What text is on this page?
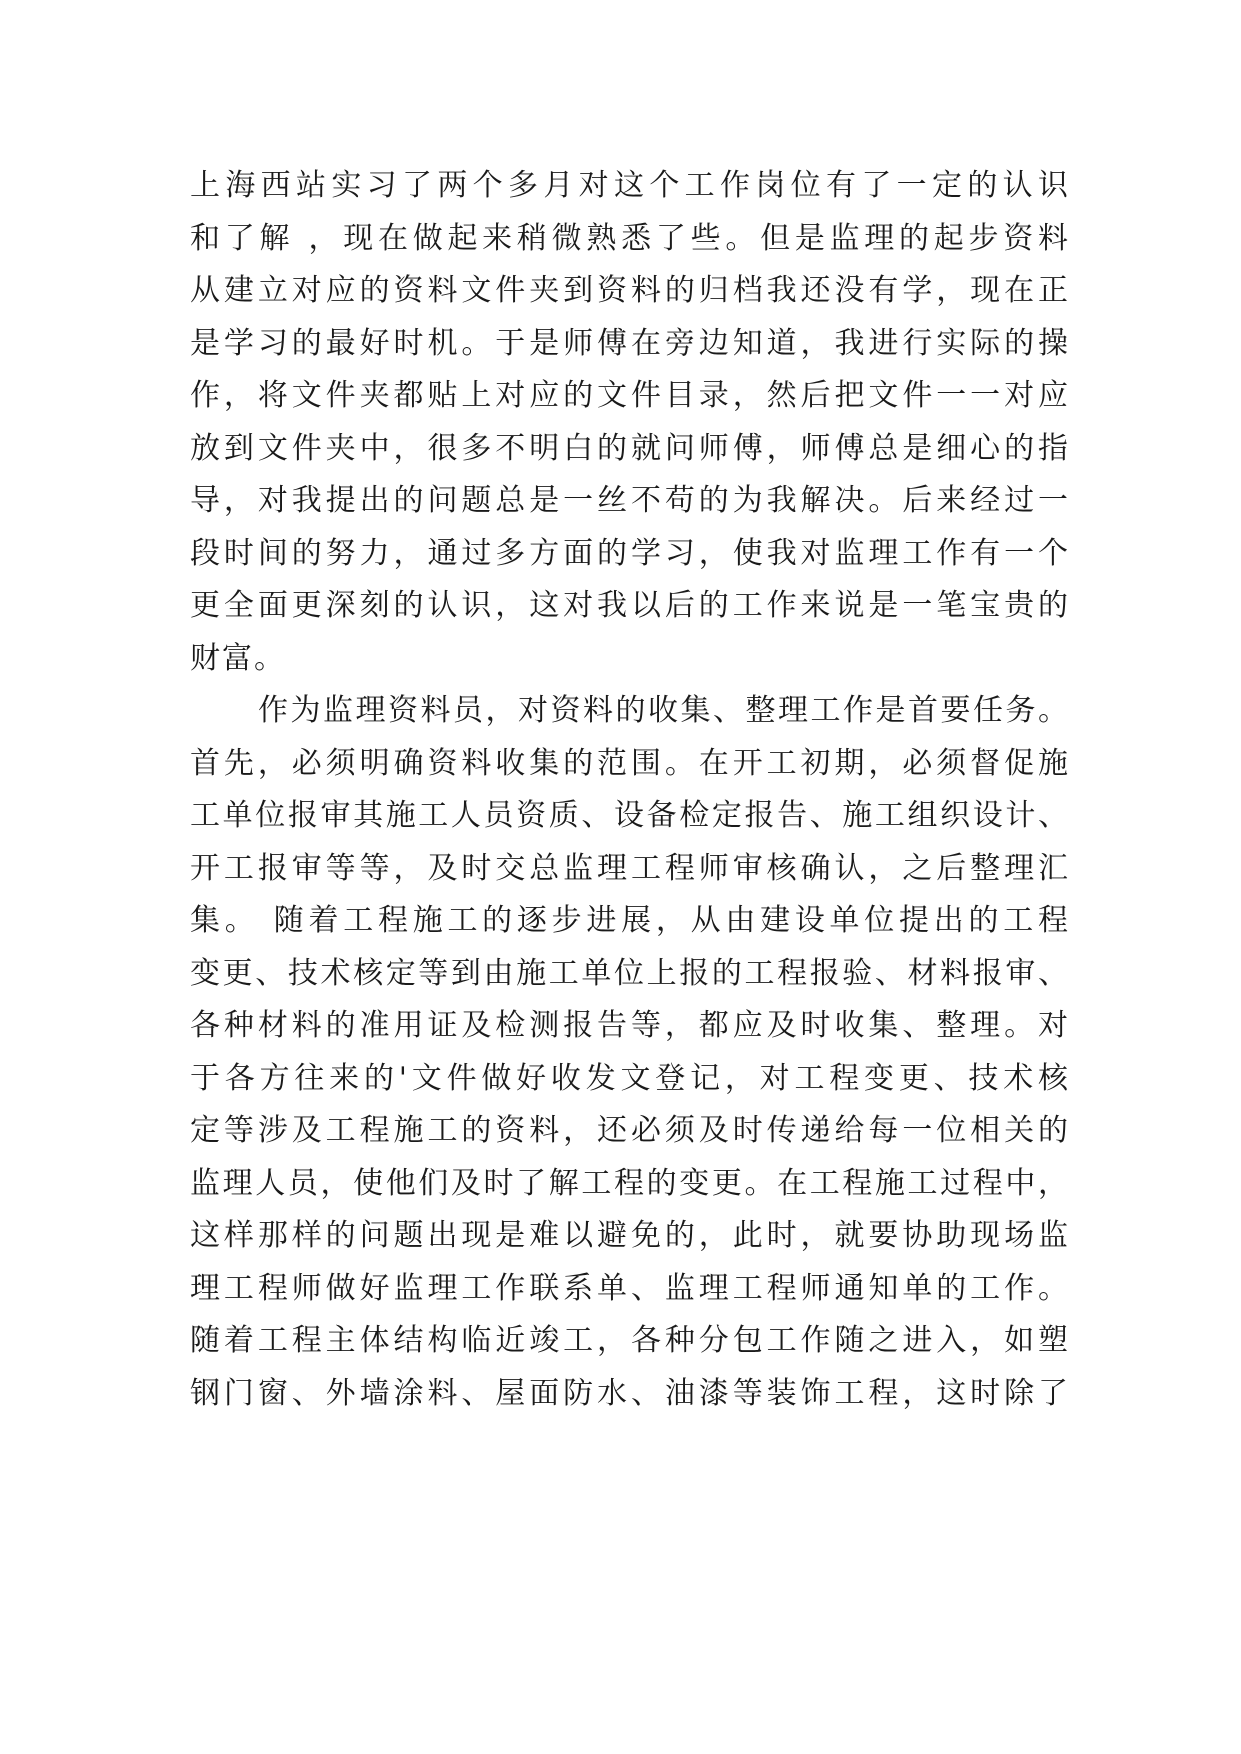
上海西站实习了两个多月对这个工作岗位有了一定的认识
和了解 ，现在做起来稍微熟悉了些。但是监理的起步资料
从建立对应的资料文件夹到资料的归档我还没有学，现在正
是学习的最好时机。于是师傅在旁边知道，我进行实际的操
作，将文件夹都贴上对应的文件目录，然后把文件一一对应
放到文件夹中，很多不明白的就问师傅，师傅总是细心的指
导，对我提出的问题总是一丝不苟的为我解决。后来经过一
段时间的努力，通过多方面的学习，使我对监理工作有一个
更全面更深刻的认识，这对我以后的工作来说是一笔宝贵的
财富。
作为监理资料员，对资料的收集、整理工作是首要任务。
首先，必须明确资料收集的范围。在开工初期，必须督促施
工单位报审其施工人员资质、设备检定报告、施工组织设计、
开工报审等等，及时交总监理工程师审核确认，之后整理汇
集。 随着工程施工的逐步进展，从由建设单位提出的工程
变更、技术核定等到由施工单位上报的工程报验、材料报审、
各种材料的准用证及检测报告等，都应及时收集、整理。对
于各方往来的'文件做好收发文登记，对工程变更、技术核
定等涉及工程施工的资料，还必须及时传递给每一位相关的
监理人员，使他们及时了解工程的变更。在工程施工过程中，
这样那样的问题出现是难以避免的，此时，就要协助现场监
理工程师做好监理工作联系单、监理工程师通知单的工作。
随着工程主体结构临近竣工，各种分包工作随之进入，如塑
钢门窗、外墙涂料、屋面防水、油漆等装饰工程，这时除了
